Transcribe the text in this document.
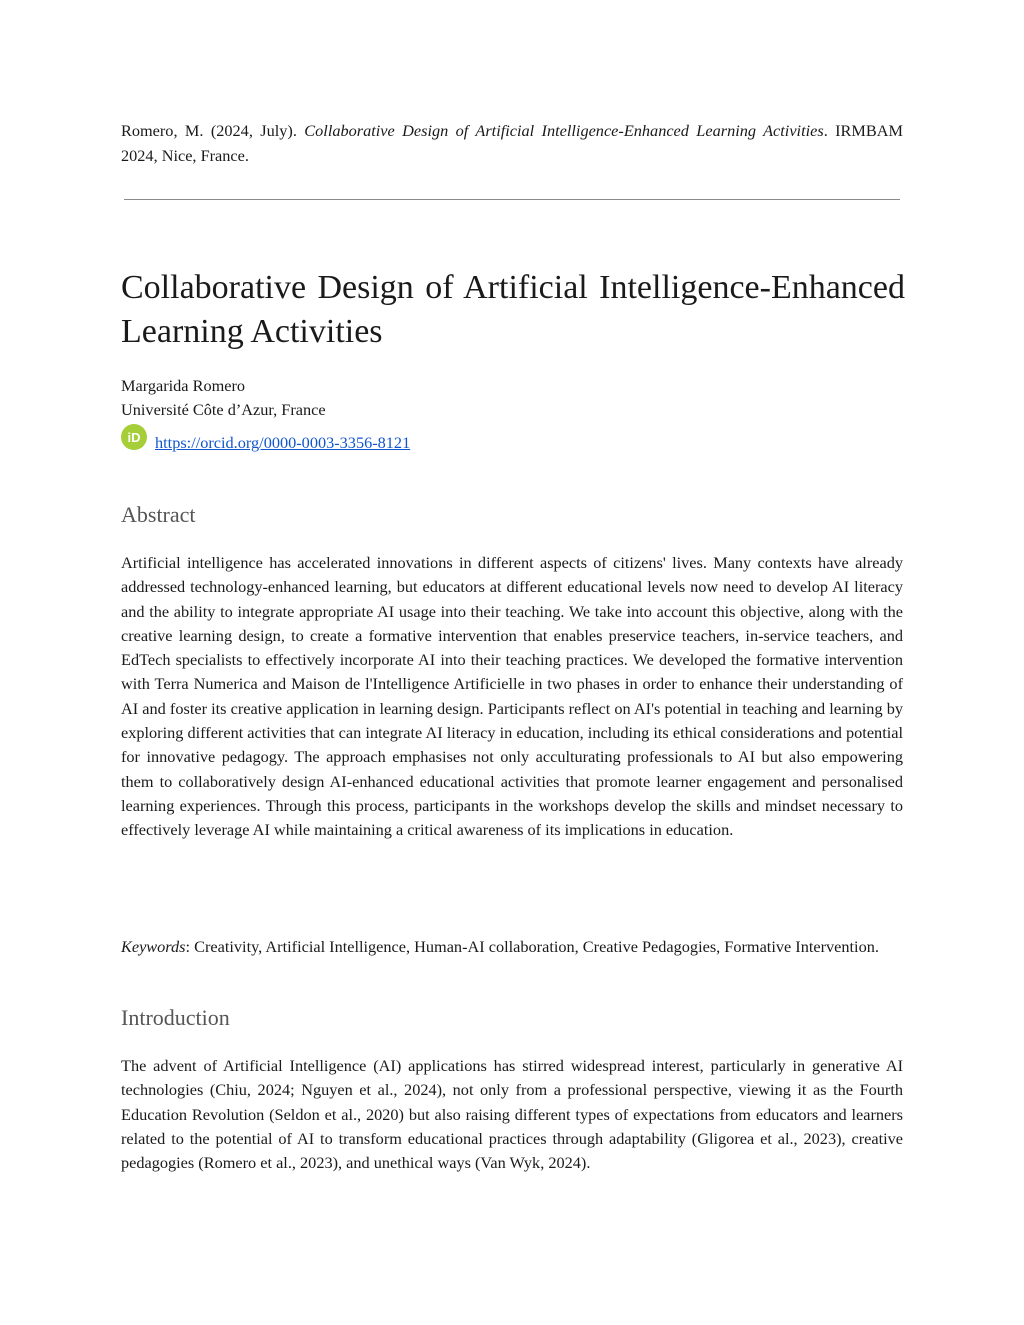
Romero, M. (2024, July). Collaborative Design of Artificial Intelligence-Enhanced Learning Activities. IRMBAM 2024, Nice, France.

Collaborative Design of Artificial Intelligence-Enhanced Learning Activities
Margarida Romero
Université Côte d’Azur, France
iD https://orcid.org/0000-0003-3356-8121
Abstract

Artificial intelligence has accelerated innovations in different aspects of citizens' lives. Many contexts have already addressed technology-enhanced learning, but educators at different educational levels now need to develop AI literacy and the ability to integrate appropriate AI usage into their teaching. We take into account this objective, along with the creative learning design, to create a formative intervention that enables preservice teachers, in-service teachers, and EdTech specialists to effectively incorporate AI into their teaching practices. We developed the formative intervention with Terra Numerica and Maison de l'Intelligence Artificielle in two phases in order to enhance their understanding of AI and foster its creative application in learning design. Participants reflect on AI's potential in teaching and learning by exploring different activities that can integrate AI literacy in education, including its ethical considerations and potential for innovative pedagogy. The approach emphasises not only acculturating professionals to AI but also empowering them to collaboratively design AI-enhanced educational activities that promote learner engagement and personalised learning experiences. Through this process, participants in the workshops develop the skills and mindset necessary to effectively leverage AI while maintaining a critical awareness of its implications in education.

Keywords: Creativity, Artificial Intelligence, Human-AI collaboration, Creative Pedagogies, Formative Intervention.

Introduction

The advent of Artificial Intelligence (AI) applications has stirred widespread interest, particularly in generative AI technologies (Chiu, 2024; Nguyen et al., 2024), not only from a professional perspective, viewing it as the Fourth Education Revolution (Seldon et al., 2020) but also raising different types of expectations from educators and learners related to the potential of AI to transform educational practices through adaptability (Gligorea et al., 2023), creative pedagogies (Romero et al., 2023), and unethical ways (Van Wyk, 2024).
